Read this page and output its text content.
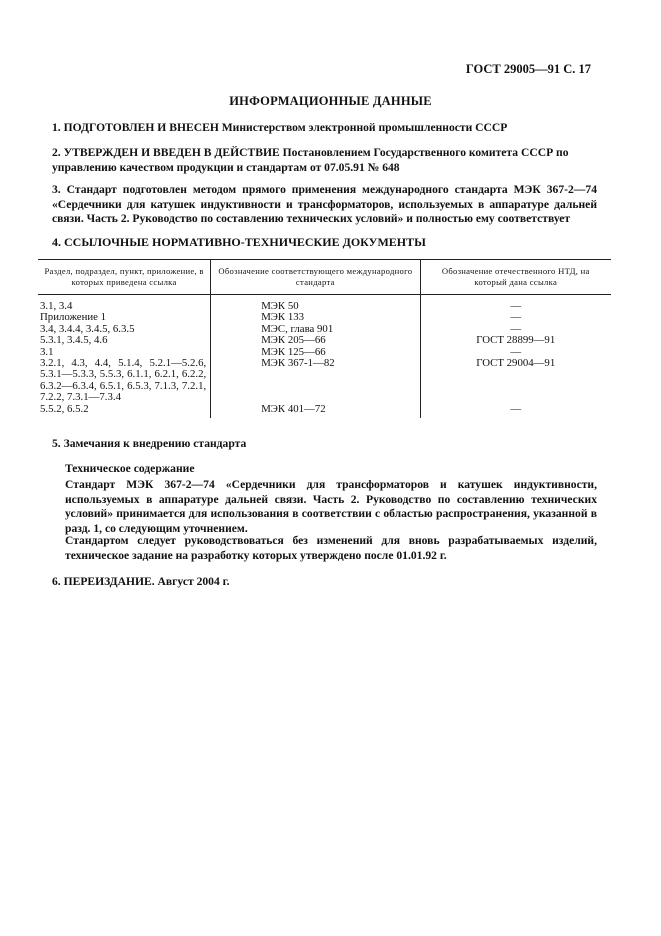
ГОСТ 29005—91 С. 17
ИНФОРМАЦИОННЫЕ ДАННЫЕ
1. ПОДГОТОВЛЕН И ВНЕСЕН Министерством электронной промышленности СССР
2. УТВЕРЖДЕН И ВВЕДЕН В ДЕЙСТВИЕ Постановлением Государственного комитета СССР по управлению качеством продукции и стандартам от 07.05.91 № 648
3. Стандарт подготовлен методом прямого применения международного стандарта МЭК 367-2—74 «Сердечники для катушек индуктивности и трансформаторов, используемых в аппаратуре дальней связи. Часть 2. Руководство по составлению технических условий» и полностью ему соответствует
4. ССЫЛОЧНЫЕ НОРМАТИВНО-ТЕХНИЧЕСКИЕ ДОКУМЕНТЫ
Раздел, подраздел, пункт, приложение, в которых приведена ссылка	Обозначение соответствующего международного стандарта	Обозначение отечественного НТД, на который дана ссылка
3.1, 3.4	МЭК 50	—
Приложение 1	МЭК 133	—
3.4, 3.4.4, 3.4.5, 6.3.5	МЭС, глава 901	—
5.3.1, 3.4.5, 4.6	МЭК 205—66	ГОСТ 28899—91
3.1	МЭК 125—66	—
3.2.1, 4.3, 4.4, 5.1.4, 5.2.1—5.2.6, 5.3.1—5.3.3, 5.5.3, 6.1.1, 6.2.1, 6.2.2, 6.3.2—6.3.4, 6.5.1, 6.5.3, 7.1.3, 7.2.1, 7.2.2, 7.3.1—7.3.4	МЭК 367-1—82	ГОСТ 29004—91
5.5.2, 6.5.2	МЭК 401—72	—
5. Замечания к внедрению стандарта
Техническое содержание
Стандарт МЭК 367-2—74 «Сердечники для трансформаторов и катушек индуктивности, используемых в аппаратуре дальней связи. Часть 2. Руководство по составлению технических условий» принимается для использования в соответствии с областью распространения, указанной в разд. 1, со следующим уточнением.
Стандартом следует руководствоваться без изменений для вновь разрабатываемых изделий, техническое задание на разработку которых утверждено после 01.01.92 г.
6. ПЕРЕИЗДАНИЕ. Август 2004 г.
